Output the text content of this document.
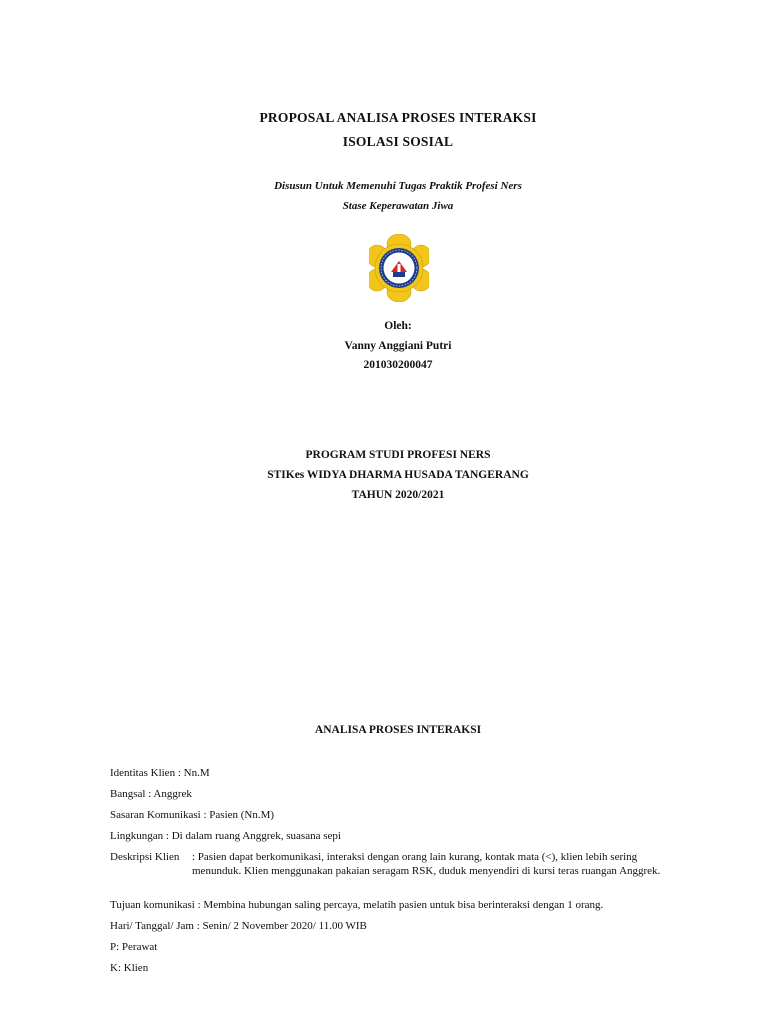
PROPOSAL ANALISA PROSES INTERAKSI
ISOLASI SOSIAL
Disusun Untuk Memenuhi Tugas Praktik Profesi Ners
Stase Keperawatan Jiwa
Oleh:
Vanny Anggiani Putri
201030200047
PROGRAM STUDI PROFESI NERS
STIKes WIDYA DHARMA HUSADA TANGERANG
TAHUN 2020/2021
ANALISA PROSES INTERAKSI
Identitas Klien : Nn.M
Bangsal : Anggrek
Sasaran Komunikasi : Pasien (Nn.M)
Lingkungan : Di dalam ruang Anggrek, suasana sepi
Deskripsi Klien : Pasien dapat berkomunikasi, interaksi dengan orang lain kurang, kontak mata (<), klien lebih sering menunduk. Klien menggunakan pakaian seragam RSK, duduk menyendiri di kursi teras ruangan Anggrek.
Tujuan komunikasi : Membina hubungan saling percaya, melatih pasien untuk bisa berinteraksi dengan 1 orang.
Hari/ Tanggal/ Jam : Senin/ 2 November 2020/ 11.00 WIB
P: Perawat
K: Klien
